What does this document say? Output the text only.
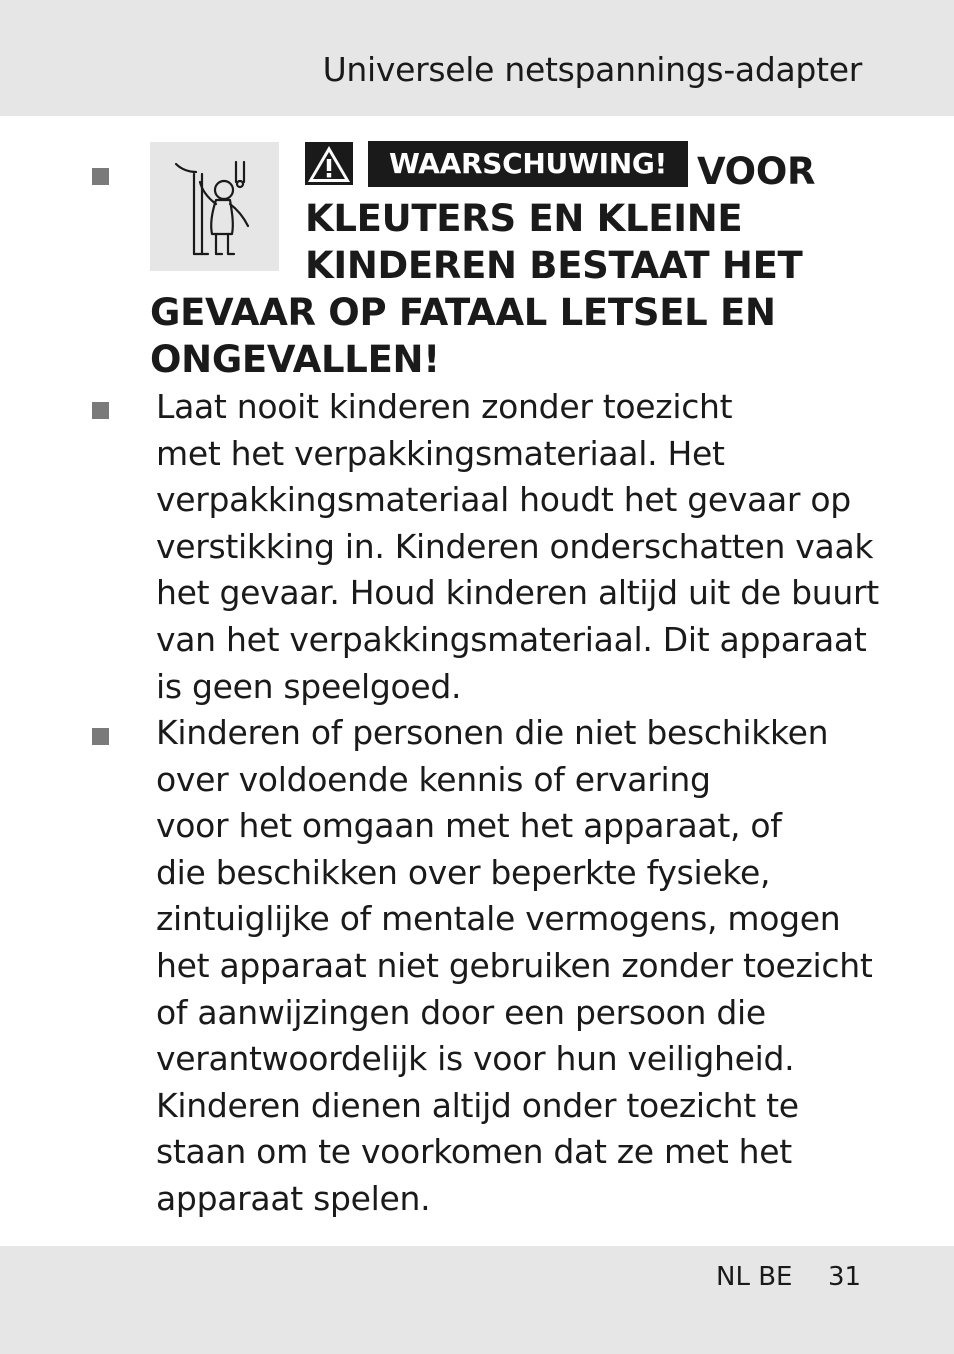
Universele netspannings-adapter
WAARSCHUWING! VOOR
KLEUTERS EN KLEINE
KINDEREN BESTAAT HET
GEVAAR OP FATAAL LETSEL EN
ONGEVALLEN!
Laat nooit kinderen zonder toezicht
met het verpakkingsmateriaal. Het
verpakkingsmateriaal houdt het gevaar op
verstikking in. Kinderen onderschatten vaak
het gevaar. Houd kinderen altijd uit de buurt
van het verpakkingsmateriaal. Dit apparaat
is geen speelgoed.
Kinderen of personen die niet beschikken
over voldoende kennis of ervaring
voor het omgaan met het apparaat, of
die beschikken over beperkte fysieke,
zintuiglijke of mentale vermogens, mogen
het apparaat niet gebruiken zonder toezicht
of aanwijzingen door een persoon die
verantwoordelijk is voor hun veiligheid.
Kinderen dienen altijd onder toezicht te
staan om te voorkomen dat ze met het
apparaat spelen.
NL BE 31
